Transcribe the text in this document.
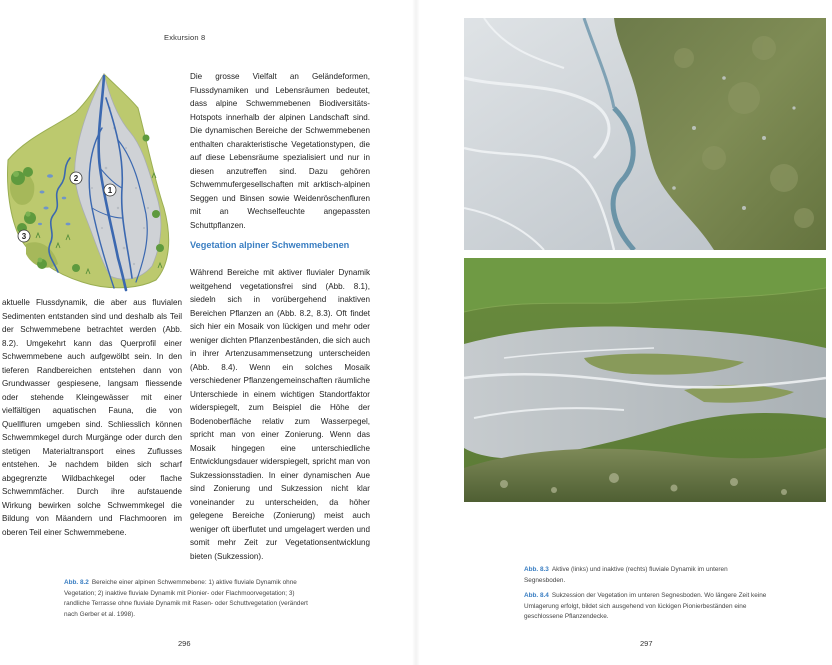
Exkursion 8
1
2
3

Die grosse Vielfalt an Geländeformen, Flussdynamiken und Lebensräumen bedeutet, dass alpine Schwemmebenen Biodiversitäts-Hotspots innerhalb der alpinen Landschaft sind. Die dynamischen Bereiche der Schwemmebenen enthalten charakteristische Vegetationstypen, die auf diese Lebensräume spezialisiert und nur in diesen anzutreffen sind. Dazu gehören Schwemmufergesellschaften mit arktisch-alpinen Seggen und Binsen sowie Weidenröschenfluren mit an Wechselfeuchte angepassten Schuttpflanzen.

Vegetation alpiner Schwemmebenen

Während Bereiche mit aktiver fluvialer Dynamik weitgehend vegetationsfrei sind (Abb. 8.1), siedeln sich in vorübergehend inaktiven Bereichen Pflanzen an (Abb. 8.2, 8.3). Oft findet sich hier ein Mosaik von lückigen und mehr oder weniger dichten Pflanzenbeständen, die sich auch in ihrer Artenzusammensetzung unterscheiden (Abb. 8.4). Wenn ein solches Mosaik verschiedener Pflanzengemeinschaften räumliche Unterschiede in einem wichtigen Standortfaktor widerspiegelt, zum Beispiel die Höhe der Bodenoberfläche relativ zum Wasserpegel, spricht man von einer Zonierung. Wenn das Mosaik hingegen eine unterschiedliche Entwicklungsdauer widerspiegelt, spricht man von Sukzessionsstadien. In einer dynamischen Aue sind Zonierung und Sukzession nicht klar voneinander zu unterscheiden, da höher gelegene Bereiche (Zonierung) meist auch weniger oft überflutet und umgelagert werden und somit mehr Zeit zur Vegetationsentwicklung bieten (Sukzession).

aktuelle Flussdynamik, die aber aus fluvialen Sedimenten entstanden sind und deshalb als Teil der Schwemmebene betrachtet werden (Abb. 8.2). Umgekehrt kann das Querprofil einer Schwemmebene auch aufgewölbt sein. In den tieferen Randbereichen entstehen dann von Grundwasser gespiesene, langsam fliessende oder stehende Kleingewässer mit einer vielfältigen aquatischen Fauna, die von Quellfluren umgeben sind. Schliesslich können Schwemmkegel durch Murgänge oder durch den stetigen Materialtransport eines Zuflusses entstehen. Je nachdem bilden sich scharf abgegrenzte Wildbachkegel oder flache Schwemmfächer. Durch ihre aufstauende Wirkung bewirken solche Schwemmkegel die Bildung von Mäandern und Flachmooren im oberen Teil einer Schwemmebene.

Abb. 8.2 Bereiche einer alpinen Schwemmebene: 1) aktive fluviale Dynamik ohne Vegetation; 2) inaktive fluviale Dynamik mit Pionier- oder Flachmoorvegetation; 3) randliche Terrasse ohne fluviale Dynamik mit Rasen- oder Schuttvegetation (verändert nach Gerber et al. 1998).

296

Abb. 8.3 Aktive (links) und inaktive (rechts) fluviale Dynamik im unteren Segnesboden.

Abb. 8.4 Sukzession der Vegetation im unteren Segnesboden. Wo längere Zeit keine Umlagerung erfolgt, bildet sich ausgehend von lückigen Pionierbeständen eine geschlossene Pflanzendecke.

297
